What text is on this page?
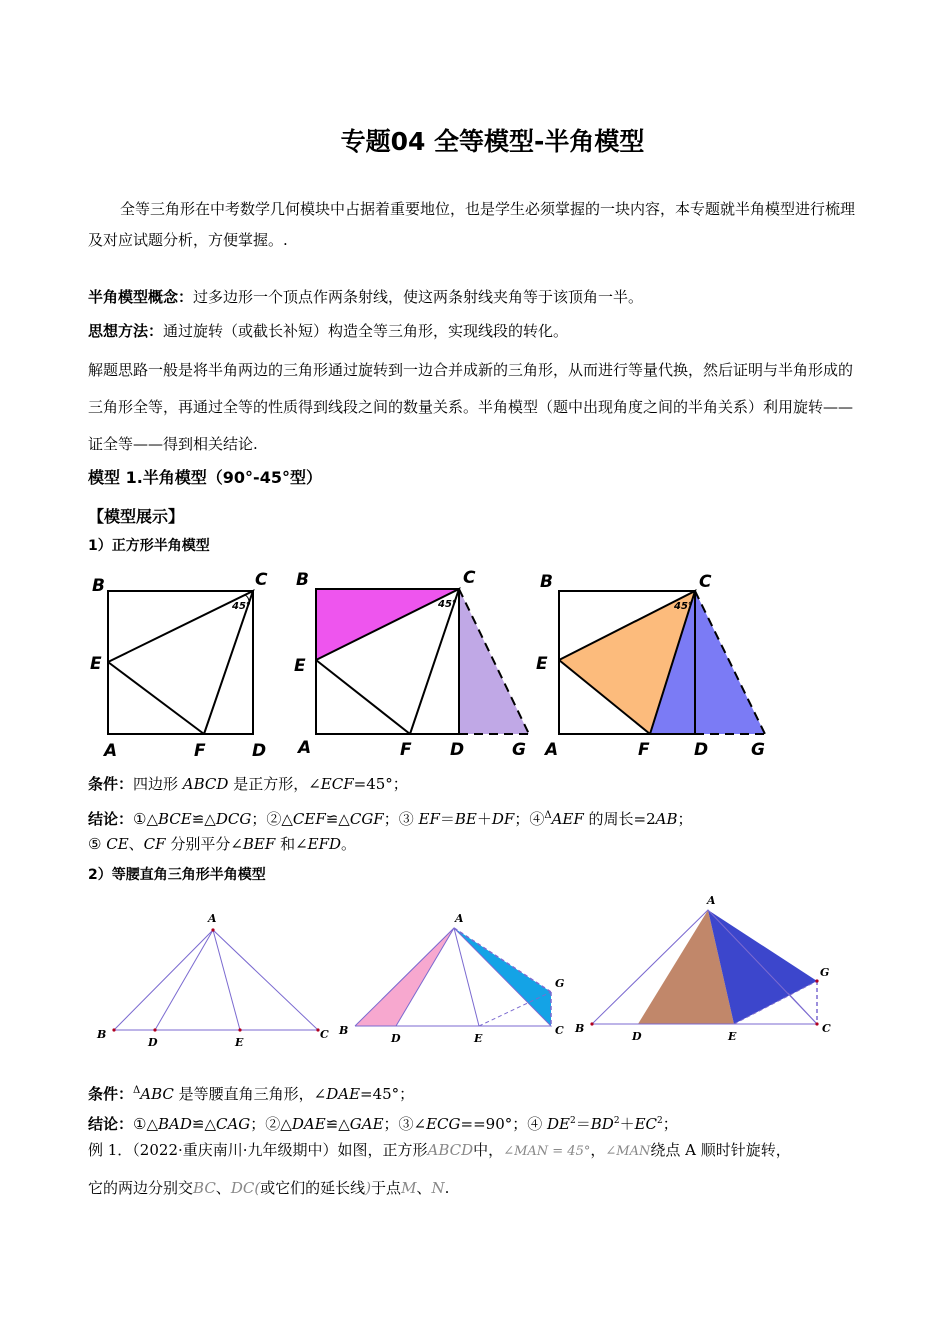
专题04 全等模型-半角模型
全等三角形在中考数学几何模块中占据着重要地位，也是学生必须掌握的一块内容，本专题就半角模型进行梳理及对应试题分析，方便掌握。.
半角模型概念：过多边形一个顶点作两条射线，使这两条射线夹角等于该顶角一半。
思想方法：通过旋转（或截长补短）构造全等三角形，实现线段的转化。
解题思路一般是将半角两边的三角形通过旋转到一边合并成新的三角形，从而进行等量代换，然后证明与半角形成的三角形全等，再通过全等的性质得到线段之间的数量关系。半角模型（题中出现角度之间的半角关系）利用旋转——证全等——得到相关结论.
模型 1.半角模型（90°-45°型）
【模型展示】
1）正方形半角模型
45°
B	C
E
A	F	D
45°
B	C
E
A	F D	G
45°
B	C
E
A	F	D	G
条件：四边形 ABCD 是正方形，∠ECF=45°；
结论：①△BCE≌△DCG；②△CEF≌△CGF；③ EF＝BE＋DF；④$^\Delta$AEF 的周长=2AB；
⑤ CE、CF 分别平分∠BEF 和∠EFD。
2）等腰直角三角形半角模型
A
B
D	E
C
A
B
D	E
G
C
A
B
D	E
G
C
条件：$^\Delta$ABC 是等腰直角三角形，∠DAE=45°；
结论：①△BAD≌△CAG；②△DAE≌△GAE；③∠ECG==90°；④ $DE^2=BD^2+EC^2$；
例 1．（2022·重庆南川·九年级期中）如图，正方形ABCD中，∠MAN = 45°，∠MAN绕点 A 顺时针旋转，
它的两边分别交BC、DC(或它们的延长线)于点M、N.
